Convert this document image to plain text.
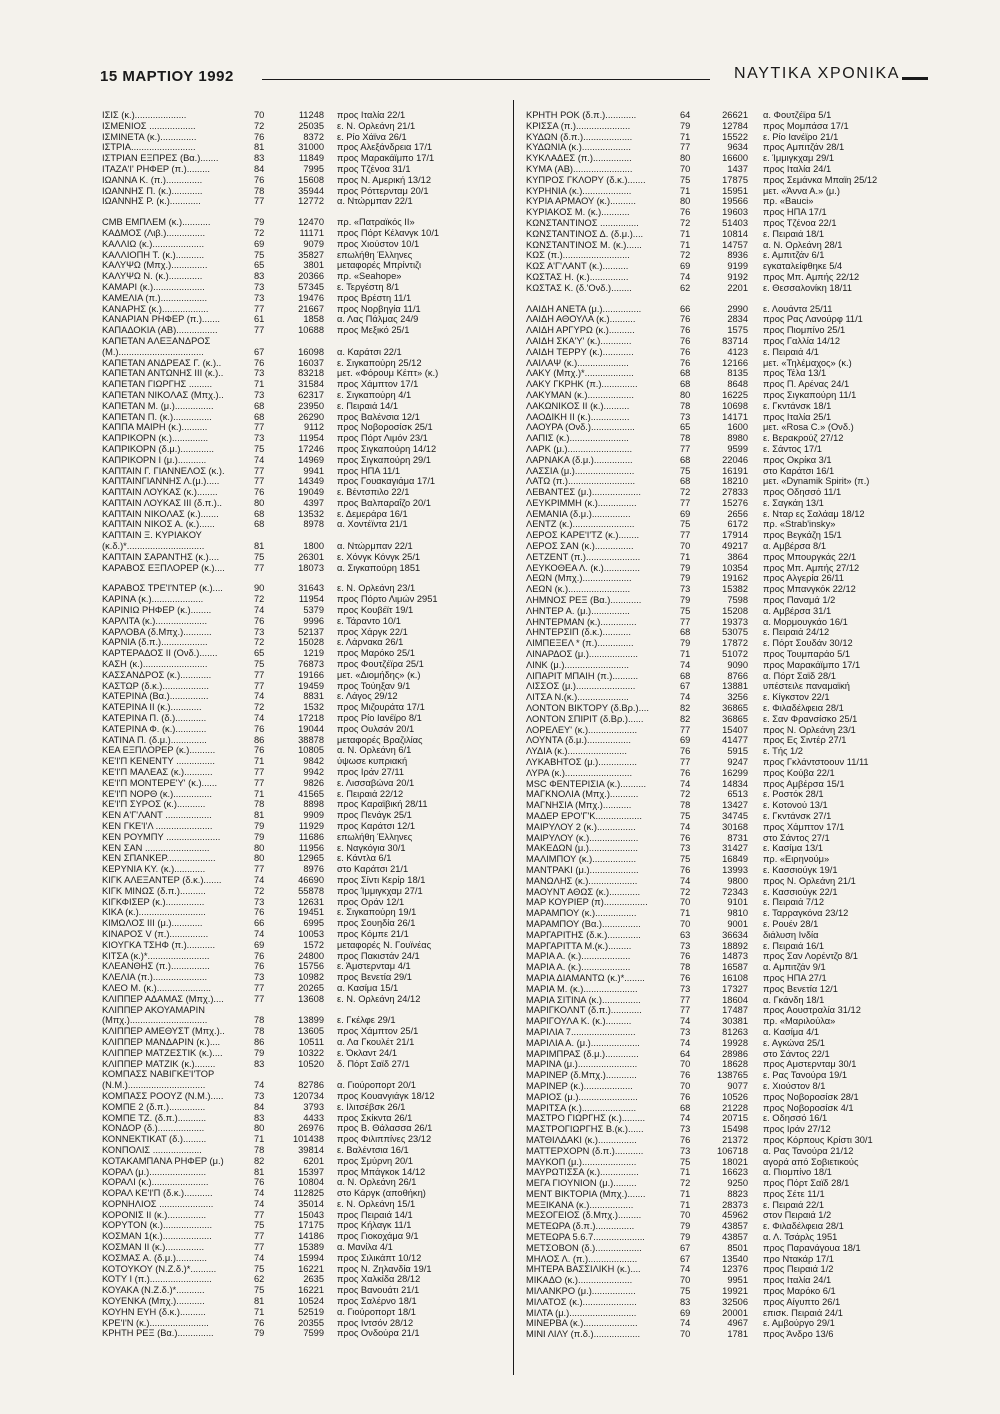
15 ΜΑΡΤΙΟΥ 1992	ΝΑΥΤΙΚΑ ΧΡΟΝΙΚΑ
ΙΣΙΣ (κ.)....................	70	11248 προς Ιταλία 22/1
ΙΣΜΕΝΙΟΣ ..................	72	25035 ε. Ν. Ορλεάνη 21/1
ΙΣΜΙΝΕΤΑ (κ.)..............	76	8372 ε. Ρίο Χάϊνα 26/1
ΙΣΤΡΙΑ.........................	81	31000 προς Αλεξάνδρεια 17/1
ΙΣΤΡΙΑΝ ΕΞΠΡΕΣ (Βα.).......	83	11849 προς Μαρακάϊμπο 17/1
ΙΤΑΖΑ'Ι' ΡΗΦΕΡ (π.).........	84	7995 προς Τζένοα 31/1
ΙΩΑΝΝΑ Κ. (π.)..............	76	15608 προς Ν. Αμερική 13/12
ΙΩΑΝΝΗΣ Π. (κ.)............	78	35944 προς Ρόττερνταμ 20/1
ΙΩΑΝΝΗΣ Ρ. (κ.)............	77	12772 α. Ντώρμπαν 22/1
CMB ΕΜΠΛΕΜ (κ.)...........	79	12470 πρ. «Πατραϊκός ΙΙ»
ΚΑΔΜΟΣ (Λιβ.)...............	72	11171 προς Πόρτ Κέλανγκ 10/1
ΚΑΛΛΙΩ (κ.)....................	69	9079 προς Χιούστον 10/1
ΚΑΛΛΙΟΠΗ Τ. (κ.)...........	75	35827 επωλήθη Έλληνες
ΚΑΛΥΨΩ (Μπχ.)..............	65	3801 μεταφορές Μπρίντιζι
ΚΑΛΥΨΩ Ν. (κ.).............	83	20366 πρ. «Seahope»
ΚΑΜΑΡΙ (κ.)....................	73	57345 ε. Τεργέστη 8/1
ΚΑΜΕΛΙΑ (π.)..................	73	19476 προς Βρέστη 11/1
ΚΑΝΑΡΗΣ (κ.)..................	77	21667 προς Νορβηγία 11/1
ΚΑΝΑΡΙΑΝ ΡΗΦΕΡ (π.).......	61	1858 α. Λας Πάλμας 24/9
ΚΑΠΑΔΟΚΙΑ (ΑΒ)................	77	10688 προς Μεξικό 25/1
ΚΑΠΕΤΑΝ ΑΛΕΞΑΝΔΡΟΣ
(Μ.).................................	67	16098 α. Καράτσι 22/1
ΚΑΠΕΤΑΝ ΑΝΔΡΕΑΣ Γ. (κ.)..	76	16037 ε. Σιγκαπούρη 25/12
ΚΑΠΕΤΑΝ ΑΝΤΩΝΗΣ ΙΙΙ (κ.)..	73	83218 μετ. «Φόρουμ Κέπτ» (κ.)
ΚΑΠΕΤΑΝ ΓΙΩΡΓΗΣ .........	71	31584 προς Χάμπτον 17/1
ΚΑΠΕΤΑΝ ΝΙΚΟΛΑΣ (Μπχ.)..	73	62317 ε. Σιγκαπούρη 4/1
ΚΑΠΕΤΑΝ Μ. (μ.)...............	68	23950 ε. Πειραιά 14/1
ΚΑΠΕΤΑΝ Π. (κ.)...............	68	26290 προς Βαλένσια 12/1
ΚΑΠΠΑ ΜΑΙΡΗ (κ.)..........	77	9112 προς Νοβοροσίσκ 25/1
ΚΑΠΡΙΚΟΡΝ (κ.)..............	73	11954 προς Πόρτ Λιμόν 23/1
ΚΑΠΡΙΚΟΡΝ (δ.μ.).............	75	17246 προς Σιγκαπούρη 14/12
ΚΑΠΡΙΚΟΡΝ Ι (μ.)...........	74	14969 προς Σιγκαπούρη 29/1
ΚΑΠΤΑΙΝ Γ. ΓΙΑΝΝΕΛΟΣ (κ.).	77	9941 προς ΗΠΑ 11/1
ΚΑΠΤΑΙΝΓΙΑΝΝΗΣ Λ.(μ.).....	77	14349 προς Γουακαγιάμα 17/1
ΚΑΠΤΑΙΝ ΛΟΥΚΑΣ (κ.)........	76	19049 ε. Βέντσπιλο 22/1
ΚΑΠΤΑΙΝ ΛΟΥΚΑΣ ΙΙΙ (δ.π.)..	80	4397 προς Βαλπαραΐζο 20/1
ΚΑΠΤΑΙΝ ΝΙΚΟΛΑΣ (κ.).......	68	13532 ε. Δεμεράρα 16/1
ΚΑΠΤΑΙΝ ΝΙΚΟΣ Α. (κ.)......	68	8978 α. Χοντέϊντα 21/1
ΚΑΠΤΑΙΝ Ξ. ΚΥΡΙΑΚΟΥ
(κ.δ.)*..............................	81	1800 α. Ντώρμπαν 22/1
ΚΑΠΤΑΙΝ ΣΑΡΑΝΤΗΣ (κ.)....	75	26301 ε. Χόνγκ Κόνγκ 25/1
ΚΑΡΑΒΟΣ ΕΞΠΛΟΡΕΡ (κ.)....	77	18073 α. Σιγκαπούρη 1851
ΚΑΡΑΒΟΣ ΤΡΕ'Ι'ΝΤΕΡ (κ.)....	90	31643 ε. Ν. Ορλεάνη 23/1
ΚΑΡΙΝΑ (κ.)....................	72	11954 προς Πόρτο Λιμών 2951
ΚΑΡΙΝΙΩ ΡΗΦΕΡ (κ.)........	74	5379 προς Κουβέϊτ 19/1
ΚΑΡΛΙΤΑ (κ.)....................	76	9996 ε. Τάραντο 10/1
ΚΑΡΛΟΒΑ (δ.Μπχ.)...........	73	52137 προς Χάργκ 22/1
ΚΑΡΝΙΑ (δ.π.)..................	72	15028 ε. Λάρνακα 26/1
ΚΑΡΤΕΡΑΔΟΣ ΙΙ (Ονδ.).......	65	1219 προς Μαρόκο 25/1
ΚΑΣΗ (κ.).........................	75	76873 προς Φουτζέϊρα 25/1
ΚΑΣΣΑΝΔΡΟΣ (κ.)............	77	19166 μετ. «Διομήδης» (κ.)
ΚΑΣΤΩΡ (δ.κ.)..................	77	19459 προς Τούηξαν 9/1
ΚΑΤΕΡΙΝΑ (Βα.)...............	74	8831 ε. Λάγος 29/12
ΚΑΤΕΡΙΝΑ ΙΙ (κ.)............	72	1532 προς Μιζουράτα 17/1
ΚΑΤΕΡΙΝΑ Π. (δ.)............	74	17218 προς Ρίο Ιανέϊρο 8/1
ΚΑΤΕΡΙΝΑ Φ. (κ.)............	76	19044 προς Ουλσάν 20/1
ΚΑΤΙΝΑ Π. (δ.μ.)..............	86	38878 μεταφορές Βραζιλίας
ΚΕΑ ΕΞΠΛΟΡΕΡ (κ.)..........	76	10805 α. Ν. Ορλεάνη 6/1
ΚΕ'Ι'Π ΚΕΝΕΝΤΥ ...............	71	9842 ύψωσε κυπριακή
ΚΕ'Ι'Π ΜΑΛΕΑΣ (κ.)...........	77	9942 προς Ιράν 27/11
ΚΕ'Ι'Π ΜΟΝΤΕΡΕ'Υ' (κ.)......	77	9826 ε. Λισσαβώνα 20/1
ΚΕ'Ι'Π ΝΟΡΘ (κ.)...............	71	41565 ε. Πειραιά 22/12
ΚΕ'Ι'Π ΣΥΡΟΣ (κ.)...........	78	8898 προς Καραϊβική 28/11
ΚΕΝ Α'Γ'ΛΑΝΤ ..................	81	9909 προς Πενάγκ 25/1
ΚΕΝ ΓΚΕ'Ι'Λ ......................	79	11929 προς Καράτσι 12/1
ΚΕΝ ΡΟΥΜΠΥ .....................	79	11686 επωλήθη Έλληνες
ΚΕΝ ΣΑΝ .........................	80	11956 ε. Ναγκόγια 30/1
ΚΕΝ ΣΠΑΝΚΕΡ...................	80	12965 ε. Κάντλα 6/1
ΚΕΡΥΝΙΑ ΚΥ. (κ.)............	77	8976 στο Καράτσι 21/1
ΚΙΓΚ ΑΛΕΞΑΝΤΕΡ (δ.κ.).......	74	46690 προς Σίντι Κερίρ 18/1
ΚΙΓΚ ΜΙΝΩΣ (δ.π.)..........	72	55878 προς Ίμμιγκχαμ 27/1
ΚΙΓΚΦΙΣΕΡ (κ.)...............	73	12631 προς Οράν 12/1
ΚΙΚΑ (κ.)..........................	76	19451 ε. Σιγκαπούρη 19/1
ΚΙΜΩΛΟΣ ΙΙΙ (μ.)............	66	6995 προς Σουηδία 26/1
ΚΙΝΑΡΟΣ V (π.)...............	74	10053 προς Κόμπε 21/1
ΚΙΟΥΓΚΑ ΤΣΗΦ (π.)...........	69	1572 μεταφορές Ν. Γουϊνέας
ΚΙΤΣΑ (κ.)*........................	76	24800 προς Πακιστάν 24/1
ΚΛΕΑΝΘΗΣ (π.)...............	76	15756 ε. Άμστερνταμ 4/1
ΚΛΕΛΙΑ (π.).....................	73	10982 προς Βενετία 29/1
ΚΛΕΟ Μ. (κ.).....................	77	20265 α. Κασίμα 15/1
ΚΛΙΠΠΕΡ ΑΔΑΜΑΣ (Μπχ.)....	77	13608 ε. Ν. Ορλεάνη 24/12
ΚΛΙΠΠΕΡ ΑΚΟΥΑΜΑΡΙΝ
(Μπχ.)..............................	78	13899 ε. Γκέλφε 29/1
ΚΛΙΠΠΕΡ ΑΜΕΘΥΣΤ (Μπχ.)..	78	13605 προς Χάμπτον 25/1
ΚΛΙΠΠΕΡ ΜΑΝΔΑΡΙΝ (κ.)....	86	10511 α. Λα Γκουλέτ 21/1
ΚΛΙΠΠΕΡ ΜΑΤΖΕΣΤΙΚ (κ.)....	79	10322 ε. Όκλαντ 24/1
ΚΛΙΠΠΕΡ ΜΑΤΖΙΚ (κ.)........	83	10520 δ. Πόρτ Σαϊδ 27/1
ΚΟΜΠΑΣΣ ΝΑΒΙΓΚΕ'Ι'ΤΟΡ
(Ν.Μ.)..............................	74	82786 α. Γιούροπορτ 20/1
ΚΟΜΠΑΣΣ ΡΟΟΥΖ (Ν.Μ.).....	73	120734 προς Κουανγιάγκ 18/12
ΚΟΜΠΕ 2 (δ.π.)..............	84	3793 ε. Ιλιτσέβσκ 26/1
ΚΟΜΠΕ ΤΖ. (δ.π.)...........	83	4433 προς Σκίκντα 26/1
ΚΟΝΔΟΡ (δ.)..................	80	26976 προς Β. Θάλασσα 26/1
ΚΟΝΝΕΚΤΙΚΑΤ (δ.).........	71	101438 προς Φιλιππίνες 23/12
ΚΟΝΠΟΛΙΣ ...................	78	39814 ε. Βαλέντσια 16/1
ΚΟΤΑΚΑΜΠΑΝΑ ΡΗΦΕΡ (μ.)	82	6201 προς Σμύρνη 20/1
ΚΟΡΑΛ (μ.)......................	81	15397 προς Μπάγκοκ 14/12
ΚΟΡΑΛΙ (κ.)......................	76	10804 α. Ν. Ορλεάνη 26/1
ΚΟΡΑΛ ΚΕ'Ι'Π (δ.κ.)...........	74	112825 στο Κάργκ (αποθήκη)
ΚΟΡΝΗΛΙΟΣ .....................	74	35014 ε. Ν. Ορλεάνη 15/1
ΚΟΡΟΝΙΣ ΙΙ (κ.)...............	77	15043 προς Πειραιά 14/1
ΚΟΡΥΤΟΝ (κ.)...................	75	17175 προς Κήλαγκ 11/1
ΚΟΣΜΑΝ 1(κ.)...................	77	14186 προς Γιοκοχάμα 9/1
ΚΟΣΜΑΝ ΙΙ (κ.)...............	77	15389 α. Μανίλα 4/1
ΚΟΣΜΑΣ Α. (δ.μ.)............	74	15994 προς Σιλικάπτ 10/12
ΚΟΤΟΥΚΟΥ (Ν.Ζ.δ.)*..........	75	16221 προς Ν. Ζηλανδία 19/1
ΚΟΤΥ Ι (π.)........................	62	2635 προς Χαλκίδα 28/12
ΚΟΥΑΚΑ (Ν.Ζ.δ.)*...........	75	16221 προς Βανουάτι 21/1
ΚΟΥΕΝΚΑ (Μπχ.)...........	81	10524 προς Σαλέρνο 18/1
ΚΟΥΗΝ ΕΥΗ (δ.κ.)..........	71	52519 α. Γιούροπορτ 18/1
ΚΡΕ'Ι'Ν (κ.).......................	76	20355 προς Ιντσόν 28/12
ΚΡΗΤΗ ΡΕΞ (Βα.)..............	79	7599 προς Ονδούρα 21/1
ΚΡΗΤΗ ΡΟΚ (δ.π.)............	64	26621 α. Φουτζέϊρα 5/1
ΚΡΙΣΣΑ (π.).....................	79	12784 προς Μομπάσα 17/1
ΚΥΔΩΝ (δ.π.)...................	71	15522 ε. Ρίο Ιανέϊρο 21/1
ΚΥΔΩΝΙΑ (κ.)...................	77	9634 προς Αμπιτζάν 28/1
ΚΥΚΛΑΔΕΣ (π.)...............	80	16600 ε. Ίμμιγκχαμ 29/1
ΚΥΜΑ (ΑΒ).......................	70	1437 προς Ιταλία 24/1
ΚΥΠΡΟΣ ΓΚΛΟΡΥ (δ.κ.).......	75	17875 προς Σεμάνκα Μπαϊη 25/12
ΚΥΡΗΝΙΑ (κ.)...................	71	15951 μετ. «Άννα Α.» (μ.)
ΚΥΡΙΑ ΑΡΜΑΟΥ (κ.)..........	80	19566 πρ. «Bauci»
ΚΥΡΙΑΚΟΣ Μ. (κ.)...........	76	19603 προς ΗΠΑ 17/1
ΚΩΝΣΤΑΝΤΙΝΟΣ ...............	72	51403 προς Τζένοα 22/1
ΚΩΝΣΤΑΝΤΙΝΟΣ Δ. (δ.μ.)....	71	10814 ε. Πειραιά 18/1
ΚΩΝΣΤΑΝΤΙΝΟΣ Μ. (κ.)......	71	14757 α. Ν. Ορλεάνη 28/1
ΚΩΣ (π.)..........................	72	8936 ε. Αμπιτζάν 6/1
ΚΩΣ Α'Γ'ΛΑΝΤ (κ.)..........	69	9199 εγκαταλείφθηκε 5/4
ΚΩΣΤΑΣ Η. (κ.)...............	74	9192 προς Μπ. Αμπής 22/12
ΚΩΣΤΑΣ Κ. (δ.'Ονδ.)........	62	2201 ε. Θεσσαλονίκη 18/11
ΛΑΙΔΗ ΑΝΕΤΑ (μ.)...............	66	2990 ε. Λουάντα 25/11
ΛΑΙΔΗ ΑΘΟΥΛΑ (κ.)..........	76	2834 προς Ρας Λανούρφ 11/1
ΛΑΙΔΗ ΑΡΓΥΡΩ (κ.)..........	76	1575 προς Πιομπίνο 25/1
ΛΑΙΔΗ ΣΚΑ'Υ' (κ.)............	76	83714 προς Γαλλία 14/12
ΛΑΙΔΗ ΤΕΡΡΥ (κ.)............	76	4123 ε. Πειραιά 4/1
ΛΑΙΛΑΨ (κ.)....................	76	12166 μετ. «Τηλέμαχος» (κ.)
ΛΑΚΥ (Μπχ.)*...................	68	8135 προς Τέλα 13/1
ΛΑΚΥ ΓΚΡΗΚ (π.)..............	68	8648 προς Π. Αρένας 24/1
ΛΑΚΥΜΑΝ (κ.)..................	80	16225 προς Σιγκαπούρη 11/1
ΛΑΚΩΝΙΚΟΣ ΙΙ (κ.)..........	78	10698 ε. Γκντάνσκ 18/1
ΛΑΟΔΙΚΗ ΙΙ (κ.)...............	73	14171 προς Ιταλία 25/1
ΛΑΟΥΡΑ (Ονδ.).................	65	1600 μετ. «Rosa C.» (Ονδ.)
ΛΑΠΙΣ (κ.).......................	78	8980 ε. Βερακρούζ 27/12
ΛΑΡΚ (μ.).........................	77	9599 ε. Σάντος 17/1
ΛΑΡΝΑΚΑ (δ.μ.)...............	68	22046 προς Οκρίκα 3/1
ΛΑΣΣΙΑ (μ.).......................	75	16191 στο Καράτσι 16/1
ΛΑΤΩ (π.)..........................	68	18210 μετ. «Dynamik Spirit» (π.)
ΛΕΒΑΝΤΕΣ (μ.)...................	72	27833 προς Οδησσό 11/1
ΛΕΥΚΡΙΜΜΗ (κ.)...............	77	15276 ε. Σαγκάη 13/1
ΛΕΜΑΝΙΑ (δ.μ.)...............	69	2656 ε. Νταρ ες Σαλάαμ 18/12
ΛΕΝΤΖ (κ.)........................	75	6172 πρ. «Strab'insky»
ΛΕΡΟΣ ΚΑΡΕ'Ι'ΤΖ (κ.)........	77	17914 προς Βεγκάζη 15/1
ΛΕΡΟΣ ΣΑΝ (κ.)...............	70	49217 α. Αμβέρσα 8/1
ΛΕΤΖΕΝΤ (π.).....................	71	3864 προς Μπουργκάς 22/1
ΛΕΥΚΟΘΕΑ Λ. (κ.)..............	79	10354 προς Μπ. Αμπής 27/12
ΛΕΩΝ (Μπχ.)...................	79	19162 προς Αλγερία 26/11
ΛΕΩΝ (κ.)........................	73	15382 προς Μπανγκόκ 22/12
ΛΗΜΝΟΣ ΡΕΞ (Βα.)............	79	7598 προς Παναμά 1/2
ΛΗΝΤΕΡ Α. (μ.)...............	75	15208 α. Αμβέρσα 31/1
ΛΗΝΤΕΡΜΑΝ (κ.)..............	77	19373 α. Μορμουγκάο 16/1
ΛΗΝΤΕΡΣΙΠ (δ.κ.)...........	68	53075 ε. Πειραιά 24/12
ΛΙΜΠΕΞΕΛ * (π.)..............	79	17872 ε. Πόρτ Σουδάν 30/12
ΛΙΝΑΡΔΟΣ (μ.)...................	71	51072 προς Τουμπαράο 5/1
ΛΙΝΚ (μ.).........................	74	9090 προς Μαρακάϊμπο 17/1
ΛΙΠΑΡΙΤ ΜΠΑΙΗ (π.)..........	68	8766 α. Πόρτ Σαϊδ 28/1
ΛΙΣΣΟΣ (μ.).......................	67	13881 υπέστειλε παναμαϊκή
ΛΙΤΣΑ Ν.(κ.)....................	74	3256 ε. Κίγκστον 22/1
ΛΟΝΤΟΝ ΒΙΚΤΟΡΥ (δ.Βρ.)....	82	36865 ε. Φιλαδέλφεια 28/1
ΛΟΝΤΟΝ ΣΠΙΡΙΤ (δ.Βρ.)......	82	36865 ε. Σαν Φρανσίσκο 25/1
ΛΟΡΕΛΕΥ' (κ.)...................	77	15407 προς Ν. Ορλεάνη 23/1
ΛΟΥΝΤΑ (δ.μ.).................	69	41477 προς Ες Σιντέρ 27/1
ΛΥΔΙΑ (κ.).......................	76	5915 ε. Τής 1/2
ΛΥΚΑΒΗΤΟΣ (μ.)...............	77	9247 προς Γκλάντστοουν 11/11
ΛΥΡΑ (κ.)..........................	76	16299 προς Κούβα 22/1
MSC ΦΕΝΤΕΡΙΣΙΑ (κ.)..........	74	14834 προς Αμβέρσα 15/1
ΜΑΓΚΝΟΛΙΑ (Μπχ.)...........	72	6513 ε. Ροστόκ 28/1
ΜΑΓΝΗΣΙΑ (Μπχ.)...........	78	13427 ε. Κοτονού 13/1
ΜΑΔΕΡ ΕΡΟ'Γ'Κ..................	75	34745 ε. Γκντάνσκ 27/1
ΜΑΙΡΥΛΟΥ 2 (κ.)...............	74	30168 προς Χάμπτον 17/1
ΜΑΙΡΥΛΟΥ (κ.)...................	76	8731 στο Σάντος 27/1
ΜΑΚΕΔΩΝ (μ.)...................	73	31427 ε. Κασίμα 13/1
ΜΑΛΙΜΠΟΥ (κ.).................	75	16849 πρ. «Ειρηνούμ»
ΜΑΝΤΡΑΚΙ (μ.)...................	76	13993 ε. Κασσιούγκ 19/1
ΜΑΝΩΛΗΣ (κ.)...................	74	9800 προς Ν. Ορλεάνη 21/1
ΜΑΟΥΝΤ ΑΘΩΣ (κ.)............	72	72343 ε. Κασσιούγκ 22/1
ΜΑΡ ΚΟΥΡΙΕΡ (π).................	70	9101 ε. Πειραιά 7/12
ΜΑΡΑΜΠΟΥ (κ.)................	71	9810 ε. Ταρραγκόνα 23/12
ΜΑΡΑΜΠΟΥ (Βα.)...............	70	9001 ε. Ρουέν 28/1
ΜΑΡΓΑΡΙΤΗΣ (δ.κ.).............	63	36634 διάλυση Ινδία
ΜΑΡΓΑΡΙΤΤΑ Μ.(κ.).........	73	18892 ε. Πειραιά 16/1
ΜΑΡΙΑ Α. (κ.)...................	76	14873 προς Σαν Λορέντζο 8/1
ΜΑΡΙΑ Α. (κ.)...................	78	16587 α. Αμπιτζάν 9/1
ΜΑΡΙΑ ΔΙΑΜΑΝΤΩ (κ.)*........	76	16108 προς ΗΠΑ 27/1
ΜΑΡΙΑ Μ. (κ.).....................	73	17327 προς Βενετία 12/1
ΜΑΡΙΑ ΣΙΤΙΝΑ (κ.)...............	77	18604 α. Γκάνδη 18/1
ΜΑΡΙΓΚΟΛΝΤ (δ.π.)............	77	17487 προς Αουστραλία 31/12
ΜΑΡΙΓΟΥΛΑ Κ. (κ.)..........	74	30381 πρ. «Μαριλούλα»
ΜΑΡΙΛΙΑ 7.........................	73	81263 α. Κασίμα 4/1
ΜΑΡΙΛΙΑ Α. (μ.)...................	74	19928 ε. Αγκώνα 25/1
ΜΑΡΙΜΠΡΑΣ (δ.μ.).............	64	28986 στο Σάντος 22/1
ΜΑΡΙΝΑ (μ.).......................	70	18628 προς Αμστερνταμ 30/1
ΜΑΡΙΝΕΡ (δ.Μπχ.)............	76	138765 ε. Ρας Τανούρα 19/1
ΜΑΡΙΝΕΡ (κ.)...................	70	9077 ε. Χιούστον 8/1
ΜΑΡΙΟΣ (μ.).......................	76	10526 προς Νοβοροσίσκ 28/1
ΜΑΡΙΤΣΑ (κ.).....................	68	21228 προς Νοβοροσίσκ 4/1
ΜΑΣΤΡΟ ΓΙΩΡΓΗΣ (κ.).........	74	20715 ε. Οδησσό 16/1
ΜΑΣΤΡΟΓΙΩΡΓΗΣ Β.(κ.)......	73	15498 προς Ιράν 27/12
ΜΑΤΘΙΛΔΑΚΙ (κ.)...............	76	21372 προς Κόρπους Κρίστι 30/1
ΜΑΤΤΕΡΧΟΡΝ (δ.π.)...........	73	106718 α. Ρας Τανούρα 21/12
ΜΑΥΚΟΠ (μ.).....................	75	18021 αγορά από Σοβιετικούς
ΜΑΥΡΩΤΙΣΣΑ (κ.)...............	71	16623 α. Πιομπίνο 18/1
ΜΕΓΑ ΓΙΟΥΝΙΟΝ (μ.).........	72	9250 προς Πόρτ Σαϊδ 28/1
ΜΕΝΤ ΒΙΚΤΟΡΙΑ (Μπχ.).......	71	8823 προς Σέτε 11/1
ΜΕΞΙΚΑΝΑ (κ.).................	71	28373 ε. Πειραιά 22/1
ΜΕΣΟΓΕΙΟΣ (δ.Μπχ.).........	70	45962 στον Πειραιά 1/2
ΜΕΤΕΩΡΑ (δ.π.)...............	79	43857 ε. Φιλαδέλφεια 28/1
ΜΕΤΕΩΡΑ 5.6.7....................	79	43857 α. Λ. Τσάρλς 1951
ΜΕΤΣΟΒΟΝ (δ.)..................	67	8501 προς Παρανάγουα 18/1
ΜΗΛΟΣ Λ. (π.)...................	67	13540 προ Ντακάρ 17/1
ΜΗΤΕΡΑ ΒΑΣΣΙΛΙΚΗ (κ.)....	74	12376 προς Πειραιά 1/2
ΜΙΚΑΔΟ (κ.).....................	70	9951 προς Ιταλία 24/1
ΜΙΛΑΝΚΡΟ (μ.).................	75	19921 προς Μαρόκο 6/1
ΜΙΛΑΤΟΣ (κ.).....................	83	32506 προς Αίγυπτο 26/1
ΜΙΛΤΑ (μ.)..........................	69	20001 επισκ. Πειραιά 24/1
ΜΙΝΕΡΒΑ (κ.).....................	74	4967 ε. Αμβούργο 29/1
ΜΙΝΙ ΛΙΛΥ (π.δ.)..................	70	1781 προς Άνδρο 13/6
